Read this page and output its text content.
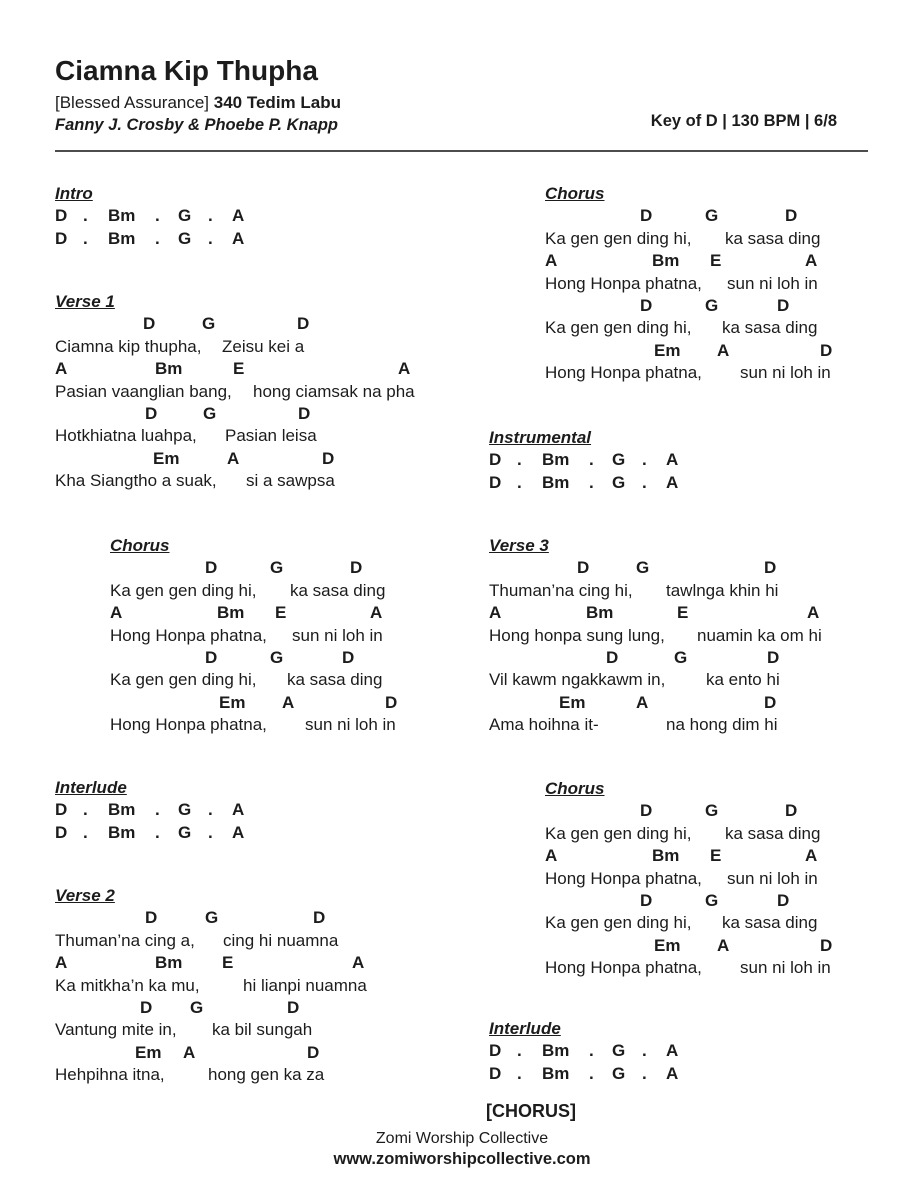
Ciamna Kip Thupha
[Blessed Assurance] 340 Tedim Labu
Fanny J. Crosby & Phoebe P. Knapp	Key of D | 130 BPM | 6/8
Intro
D . Bm . G . A
D . Bm . G . A
Verse 1
D	G	D
Ciamna kip thupha, Zeisu kei a
A	Bm	E	A
Pasian vaanglian bang, hong ciamsak na pha
D	G	D
Hotkhiatna luahpa, Pasian leisa
Em	A	D
Kha Siangtho a suak, si a sawpsa
Chorus
D	G	D
Ka gen gen ding hi, ka sasa ding
A	Bm E	A
Hong Honpa phatna, sun ni loh in
D	G	D
Ka gen gen ding hi, ka sasa ding
Em A	D
Hong Honpa phatna, sun ni loh in
Interlude
D . Bm . G . A
D . Bm . G . A
Verse 2
D	G	D
Thuman’na cing a, cing hi nuamna
A	Bm E	A
Ka mitkha’n ka mu,	hi lianpi nuamna
D G	D
Vantung mite in, ka bil sungah
Em A	D
Hehpihna itna,	hong gen ka za
Chorus
D	G	D
Ka gen gen ding hi, ka sasa ding
A	Bm E	A
Hong Honpa phatna, sun ni loh in
D	G	D
Ka gen gen ding hi, ka sasa ding
Em A	D
Hong Honpa phatna, sun ni loh in
Instrumental
D . Bm . G . A
D . Bm . G . A
Verse 3
D	G	D
Thuman’na cing hi, tawlnga khin hi
A	Bm	E	A
Hong honpa sung lung, nuamin ka om hi
D	G	D
Vil kawm ngakkawm in, ka ento hi
Em	A	D
Ama hoihna it-	na hong dim hi
Chorus
D	G	D
Ka gen gen ding hi, ka sasa ding
A	Bm E	A
Hong Honpa phatna, sun ni loh in
D	G	D
Ka gen gen ding hi, ka sasa ding
Em A	D
Hong Honpa phatna, sun ni loh in
Interlude
D . Bm . G . A
D . Bm . G . A
[CHORUS]
Zomi Worship Collective
www.zomiworshipcollective.com
